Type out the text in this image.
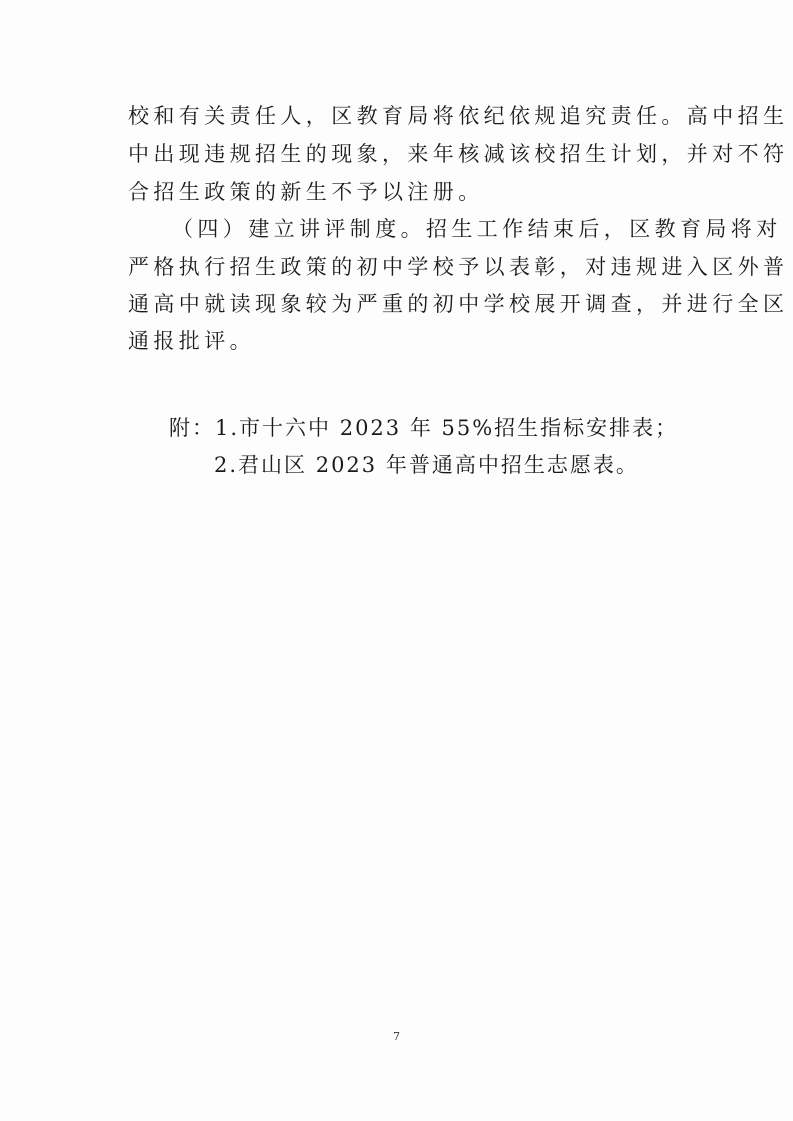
校和有关责任人，区教育局将依纪依规追究责任。高中招生
中出现违规招生的现象，来年核减该校招生计划，并对不符
合招生政策的新生不予以注册。
（四）建立讲评制度。招生工作结束后，区教育局将对
严格执行招生政策的初中学校予以表彰，对违规进入区外普
通高中就读现象较为严重的初中学校展开调查，并进行全区
通报批评。
附：1.市十六中 2023 年 55%招生指标安排表；
2.君山区 2023 年普通高中招生志愿表。
7
